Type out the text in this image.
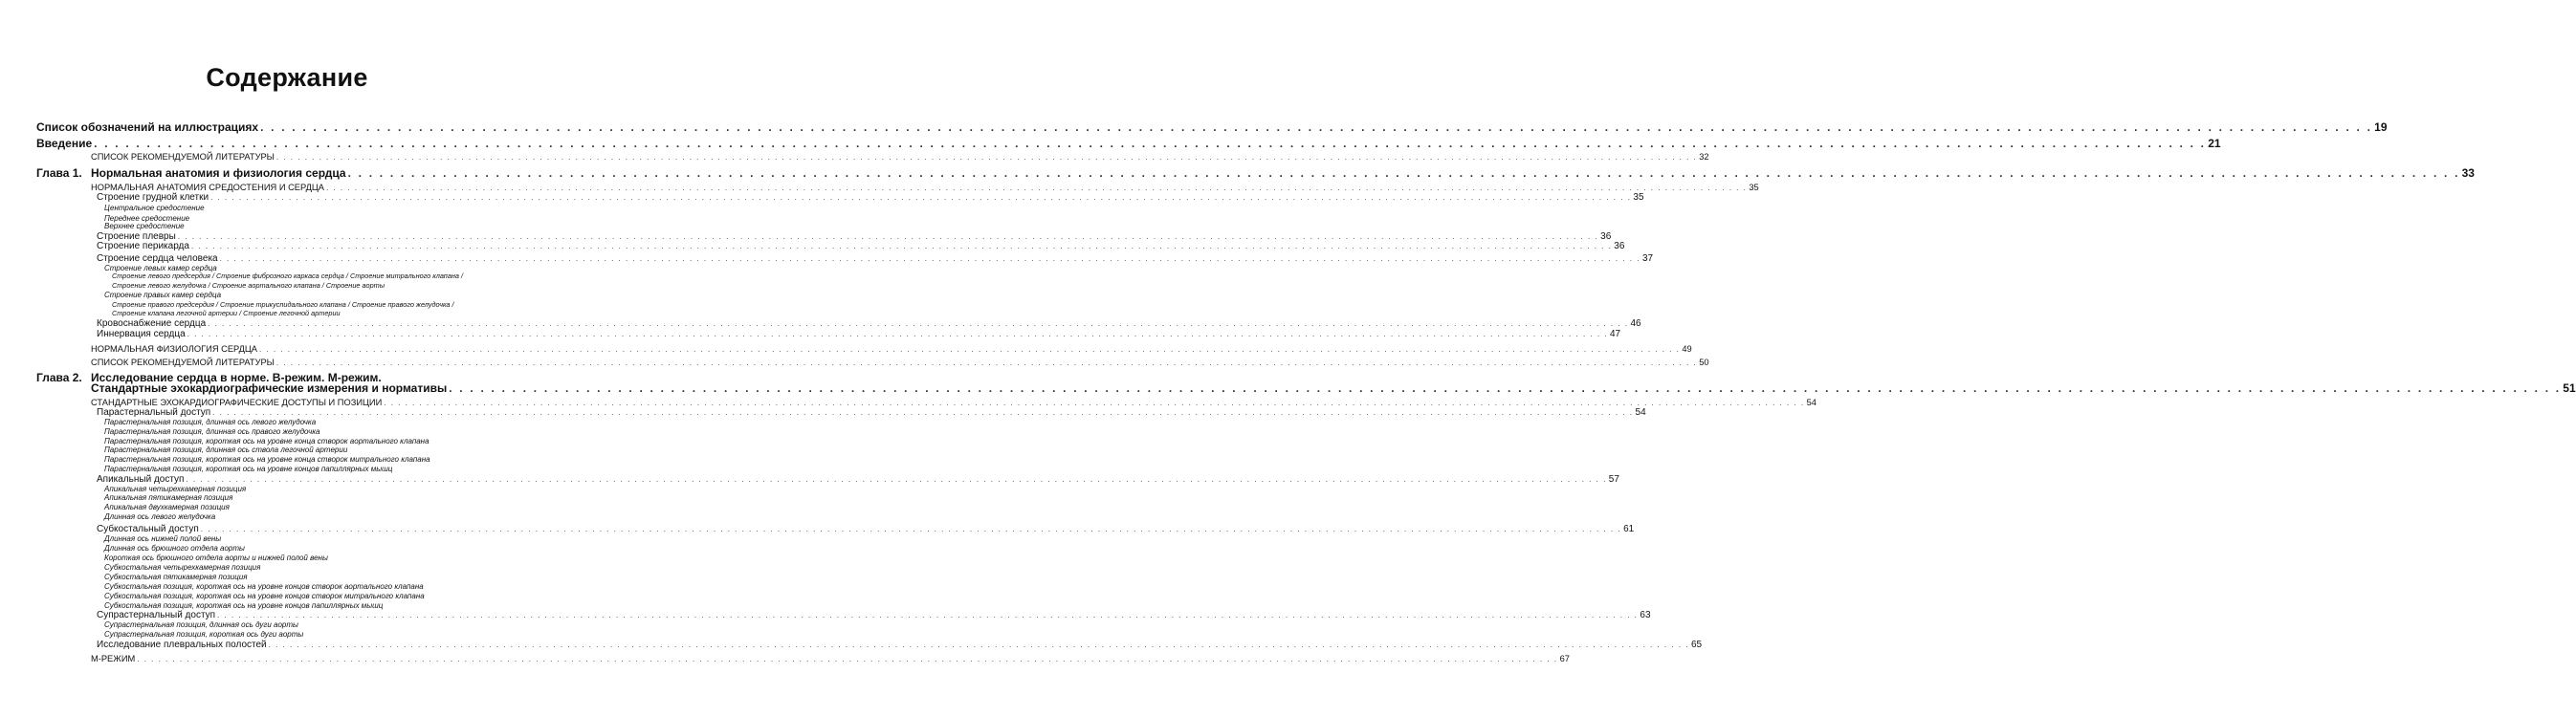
Содержание
Список обозначений на иллюстрациях . . . . . . . . . . . . . . . . . . . . . . . . . . . . . . . . . . . . . . . . . . . . . . . . . . . . . . . . . . . . . . . . . . . . . . . . . . . . . . . . . . . . . . . . . . . . . . . . . . . . . . . . . . . . . . . . . . . . . . . . . . . . . . . . . . . . . . . . . . . . . . . . . . . . . . . . . . . . . . . . . . . . . . . . . . . . . . . . . . . . . . . . . . . . . . . . . . . . . . . . 19
Введение . . . . . . . . . . . . . . . . . . . . . . . . . . . . . . . . . . . . . . . . . . . . . . . . . . . . . . . . . . . . . . . . . . . . . . . . . . . . . . . . . . . . . . . . . . . . . . . . . . . . . . . . . . . . . . . . . . . . . . . . . . . . . . . . . . . . . . . . . . . . . . . . . . . . . . . . . . . . . . . . . . . . . . . . . . . . . . . . . . . . . . . . . . . . . . . . . . . . . . . . 21
СПИСОК РЕКОМЕНДУЕМОЙ ЛИТЕРАТУРЫ . . . . . . . . . . . . . . . . . . . . . . . . . . . . . . . . . . . . . . . . . . . . . . . . . . . . . . . . . . . . . . . . . . . . . . . . . . . . . . . . . . . . . . . . . . . . . . . . . . . . . . . . . . . . . . . . . . . . . . . . . . . . . . . . . . . . . . . . . . . . . . . . . . . . . . . . . . . . . . . . . . . . . . . . . . . . . . . . . . . . . . . . . . . . . . . . . . . . . . . . 32
Глава 1. Нормальная анатомия и физиология сердца . . . . . . . . . . . . . . . . . . . . . . . . . . . . . . . . . . . . . . . . . . . . . . . . . . . . . . . . . . . . . . . . . . . . . . . . . . . . . . . . . . . . . . . . . . . . . . . . . . . . . . . . . . . . . . . . . . . . . . . . . . . . . . . . . . . . . . . . . . . . . . . . . . . . . . . . . . . . . . . . . . . . . . . . . . . . . . . . . . . . . . . . . . . . . . . . . . . . . . . . 33
НОРМАЛЬНАЯ АНАТОМИЯ СРЕДОСТЕНИЯ И СЕРДЦА . . . . . . . . . . . . . . . . . . . . . . . . . . . . . . . . . . . . . . . . . . . . . . . . . . . . . . . . . . . . . . . . . . . . . . . . . . . . . . . . . . . . . . . . . . . . . . . . . . . . . . . . . . . . . . . . . . . . . . . . . . . . . . . . . . . . . . . . . . . . . . . . . . . . . . . . . . . . . . . . . . . . . . . . . . . . . . . . . . . . . . . . . . . . . . . . . . . . . . . . 35
Строение грудной клетки . . . . . . . . . . . . . . . . . . . . . . . . . . . . . . . . . . . . . . . . . . . . . . . . . . . . . . . . . . . . . . . . . . . . . . . . . . . . . . . . . . . . . . . . . . . . . . . . . . . . . . . . . . . . . . . . . . . . . . . . . . . . . . . . . . . . . . . . . . . . . . . . . . . . . . . . . . . . . . . . . . . . . . . . . . . . . . . . . . . . . . . . . . . . . . . . . . . . . . . . 35
Центральное средостение
Переднее средостение
Верхнее средостение
Строение плевры . . . . . . . . . . . . . . . . . . . . . . . . . . . . . . . . . . . . . . . . . . . . . . . . . . . . . . . . . . . . . . . . . . . . . . . . . . . . . . . . . . . . . . . . . . . . . . . . . . . . . . . . . . . . . . . . . . . . . . . . . . . . . . . . . . . . . . . . . . . . . . . . . . . . . . . . . . . . . . . . . . . . . . . . . . . . . . . . . . . . . . . . . . . . . . . . . . . . . . . . 36
Строение перикарда . . . . . . . . . . . . . . . . . . . . . . . . . . . . . . . . . . . . . . . . . . . . . . . . . . . . . . . . . . . . . . . . . . . . . . . . . . . . . . . . . . . . . . . . . . . . . . . . . . . . . . . . . . . . . . . . . . . . . . . . . . . . . . . . . . . . . . . . . . . . . . . . . . . . . . . . . . . . . . . . . . . . . . . . . . . . . . . . . . . . . . . . . . . . . . . . . . . . . . . . 36
Строение сердца человека . . . . . . . . . . . . . . . . . . . . . . . . . . . . . . . . . . . . . . . . . . . . . . . . . . . . . . . . . . . . . . . . . . . . . . . . . . . . . . . . . . . . . . . . . . . . . . . . . . . . . . . . . . . . . . . . . . . . . . . . . . . . . . . . . . . . . . . . . . . . . . . . . . . . . . . . . . . . . . . . . . . . . . . . . . . . . . . . . . . . . . . . . . . . . . . . . . . . . . . . 37
Строение левых камер сердца
Строение левого предсердия / Строение фиброзного каркаса сердца / Строение митрального клапана /
Строение левого желудочка / Строение аортального клапана / Строение аорты
Строение правых камер сердца
Строение правого предсердия / Строение трикуспидального клапана / Строение правого желудочка /
Строение клапана легочной артерии / Строение легочной артерии
Кровоснабжение сердца . . . . . . . . . . . . . . . . . . . . . . . . . . . . . . . . . . . . . . . . . . . . . . . . . . . . . . . . . . . . . . . . . . . . . . . . . . . . . . . . . . . . . . . . . . . . . . . . . . . . . . . . . . . . . . . . . . . . . . . . . . . . . . . . . . . . . . . . . . . . . . . . . . . . . . . . . . . . . . . . . . . . . . . . . . . . . . . . . . . . . . . . . . . . . . . . . . . . . . . . 46
Иннервация сердца . . . . . . . . . . . . . . . . . . . . . . . . . . . . . . . . . . . . . . . . . . . . . . . . . . . . . . . . . . . . . . . . . . . . . . . . . . . . . . . . . . . . . . . . . . . . . . . . . . . . . . . . . . . . . . . . . . . . . . . . . . . . . . . . . . . . . . . . . . . . . . . . . . . . . . . . . . . . . . . . . . . . . . . . . . . . . . . . . . . . . . . . . . . . . . . . . . . . . . . . 47
НОРМАЛЬНАЯ ФИЗИОЛОГИЯ СЕРДЦА . . . . . . . . . . . . . . . . . . . . . . . . . . . . . . . . . . . . . . . . . . . . . . . . . . . . . . . . . . . . . . . . . . . . . . . . . . . . . . . . . . . . . . . . . . . . . . . . . . . . . . . . . . . . . . . . . . . . . . . . . . . . . . . . . . . . . . . . . . . . . . . . . . . . . . . . . . . . . . . . . . . . . . . . . . . . . . . . . . . . . . . . . . . . . . . . . . . . . . . . 49
СПИСОК РЕКОМЕНДУЕМОЙ ЛИТЕРАТУРЫ . . . . . . . . . . . . . . . . . . . . . . . . . . . . . . . . . . . . . . . . . . . . . . . . . . . . . . . . . . . . . . . . . . . . . . . . . . . . . . . . . . . . . . . . . . . . . . . . . . . . . . . . . . . . . . . . . . . . . . . . . . . . . . . . . . . . . . . . . . . . . . . . . . . . . . . . . . . . . . . . . . . . . . . . . . . . . . . . . . . . . . . . . . . . . . . . . . . . . . . . 50
Глава 2. Исследование сердца в норме. В-режим. М-режим.
Стандартные эхокардиографические измерения и нормативы . . . . . . . . . . . . . . . . . . . . . . . . . . . . . . . . . . . . . . . . . . . . . . . . . . . . . . . . . . . . . . . . . . . . . . . . . . . . . . . . . . . . . . . . . . . . . . . . . . . . . . . . . . . . . . . . . . . . . . . . . . . . . . . . . . . . . . . . . . . . . . . . . . . . . . . . . . . . . . . . . . . . . . . . . . . . . . . . . . . . . . . . . . . . . . . . . . . . . . . . 51
СТАНДАРТНЫЕ ЭХОКАРДИОГРАФИЧЕСКИЕ ДОСТУПЫ И ПОЗИЦИИ . . . . . . . . . . . . . . . . . . . . . . . . . . . . . . . . . . . . . . . . . . . . . . . . . . . . . . . . . . . . . . . . . . . . . . . . . . . . . . . . . . . . . . . . . . . . . . . . . . . . . . . . . . . . . . . . . . . . . . . . . . . . . . . . . . . . . . . . . . . . . . . . . . . . . . . . . . . . . . . . . . . . . . . . . . . . . . . . . . . . . . . . . . . . . . . . . . . . . . . . 54
Парастернальный доступ . . . . . . . . . . . . . . . . . . . . . . . . . . . . . . . . . . . . . . . . . . . . . . . . . . . . . . . . . . . . . . . . . . . . . . . . . . . . . . . . . . . . . . . . . . . . . . . . . . . . . . . . . . . . . . . . . . . . . . . . . . . . . . . . . . . . . . . . . . . . . . . . . . . . . . . . . . . . . . . . . . . . . . . . . . . . . . . . . . . . . . . . . . . . . . . . . . . . . . . . 54
Парастернальная позиция, длинная ось левого желудочка
Парастернальная позиция, длинная ось правого желудочка
Парастернальная позиция, короткая ось на уровне конца створок аортального клапана
Парастернальная позиция, длинная ось ствола легочной артерии
Парастернальная позиция, короткая ось на уровне конца створок митрального клапана
Парастернальная позиция, короткая ось на уровне концов папиллярных мышц
Апикальный доступ . . . . . . . . . . . . . . . . . . . . . . . . . . . . . . . . . . . . . . . . . . . . . . . . . . . . . . . . . . . . . . . . . . . . . . . . . . . . . . . . . . . . . . . . . . . . . . . . . . . . . . . . . . . . . . . . . . . . . . . . . . . . . . . . . . . . . . . . . . . . . . . . . . . . . . . . . . . . . . . . . . . . . . . . . . . . . . . . . . . . . . . . . . . . . . . . . . . . . . . . 57
Апикальная четырехкамерная позиция
Апикальная пятикамерная позиция
Апикальная двухкамерная позиция
Длинная ось левого желудочка
Субкостальный доступ . . . . . . . . . . . . . . . . . . . . . . . . . . . . . . . . . . . . . . . . . . . . . . . . . . . . . . . . . . . . . . . . . . . . . . . . . . . . . . . . . . . . . . . . . . . . . . . . . . . . . . . . . . . . . . . . . . . . . . . . . . . . . . . . . . . . . . . . . . . . . . . . . . . . . . . . . . . . . . . . . . . . . . . . . . . . . . . . . . . . . . . . . . . . . . . . . . . . . . . . 61
Длинная ось нижней полой вены
Длинная ось брюшного отдела аорты
Короткая ось брюшного отдела аорты и нижней полой вены
Субкостальная четырехкамерная позиция
Субкостальная пятикамерная позиция
Субкостальная позиция, короткая ось на уровне концов створок аортального клапана
Субкостальная позиция, короткая ось на уровне концов створок митрального клапана
Субкостальная позиция, короткая ось на уровне концов папиллярных мышц
Супрастернальный доступ . . . . . . . . . . . . . . . . . . . . . . . . . . . . . . . . . . . . . . . . . . . . . . . . . . . . . . . . . . . . . . . . . . . . . . . . . . . . . . . . . . . . . . . . . . . . . . . . . . . . . . . . . . . . . . . . . . . . . . . . . . . . . . . . . . . . . . . . . . . . . . . . . . . . . . . . . . . . . . . . . . . . . . . . . . . . . . . . . . . . . . . . . . . . . . . . . . . . . . . . 63
Супрастернальная позиция, длинная ось дуги аорты
Супрастернальная позиция, короткая ось дуги аорты
Исследование плевральных полостей . . . . . . . . . . . . . . . . . . . . . . . . . . . . . . . . . . . . . . . . . . . . . . . . . . . . . . . . . . . . . . . . . . . . . . . . . . . . . . . . . . . . . . . . . . . . . . . . . . . . . . . . . . . . . . . . . . . . . . . . . . . . . . . . . . . . . . . . . . . . . . . . . . . . . . . . . . . . . . . . . . . . . . . . . . . . . . . . . . . . . . . . . . . . . . . . . . . . . . . . 65
М-РЕЖИМ . . . . . . . . . . . . . . . . . . . . . . . . . . . . . . . . . . . . . . . . . . . . . . . . . . . . . . . . . . . . . . . . . . . . . . . . . . . . . . . . . . . . . . . . . . . . . . . . . . . . . . . . . . . . . . . . . . . . . . . . . . . . . . . . . . . . . . . . . . . . . . . . . . . . . . . . . . . . . . . . . . . . . . . . . . . . . . . . . . . . . . . . . . . . . . . . . . . . . . . . 67
